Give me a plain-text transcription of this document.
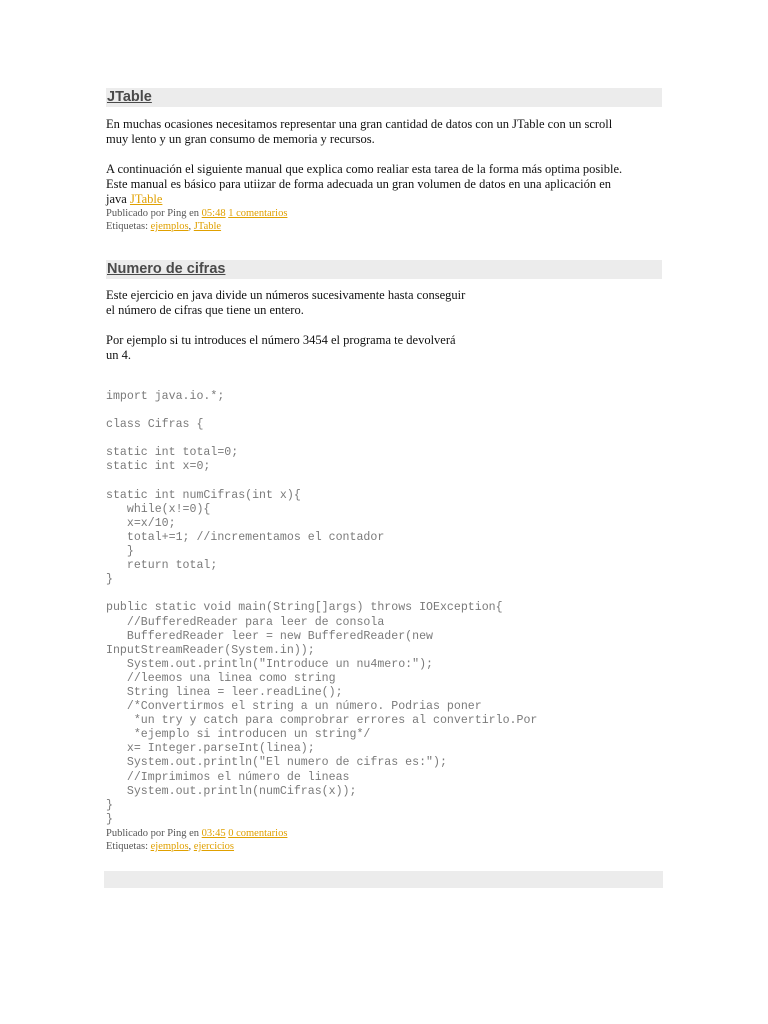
JTable

En muchas ocasiones necesitamos representar una gran cantidad de datos con un JTable con un scroll
muy lento y un gran consumo de memoria y recursos.

A continuación el siguiente manual que explica como realiar esta tarea de la forma más optima posible.
Este manual es básico para utiizar de forma adecuada un gran volumen de datos en una aplicación en
java JTable

Publicado por Ping en 05:48 1 comentarios

Etiquetas: ejemplos, JTable

Numero de cifras

Este ejercicio en java divide un números sucesivamente hasta conseguir
el número de cifras que tiene un entero.

Por ejemplo si tu introduces el número 3454 el programa te devolverá
un 4.

import java.io.*;
class Cifras {
static int total=0;
static int x=0;
static int numCifras(int x){
while(x!=0){
x=x/10;
total+=1; //incrementamos el contador
}
return total;
}
public static void main(String[]args) throws IOException{
//BufferedReader para leer de consola
BufferedReader leer = new BufferedReader(new
InputStreamReader(System.in));
System.out.println("Introduce un nu4mero:");
//leemos una linea como string
String linea = leer.readLine();
/*Convertirmos el string a un número. Podrias poner
*un try y catch para comprobrar errores al convertirlo.Por
*ejemplo si introducen un string*/
x= Integer.parseInt(linea);
System.out.println("El numero de cifras es:");
//Imprimimos el número de lineas
System.out.println(numCifras(x));
}
}

Publicado por Ping en 03:45 0 comentarios

Etiquetas: ejemplos, ejercicios
